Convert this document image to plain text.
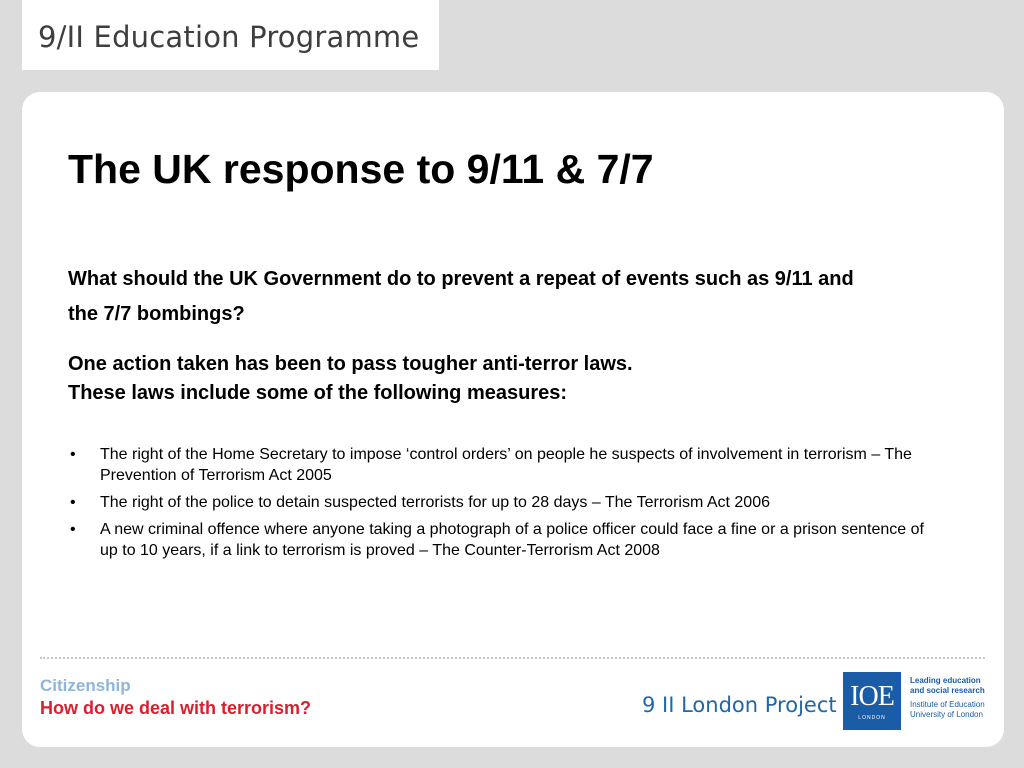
9/II Education Programme
The UK response to 9/11 & 7/7
What should the UK Government do to prevent a repeat of events such as 9/11 and the 7/7 bombings?
One action taken has been to pass tougher anti-terror laws.
These laws include some of the following measures:
• The right of the Home Secretary to impose ‘control orders’ on people he suspects of involvement in terrorism – The Prevention of Terrorism Act 2005
• The right of the police to detain suspected terrorists for up to 28 days – The Terrorism Act 2006
• A new criminal offence where anyone taking a photograph of a police officer could face a fine or a prison sentence of up to 10 years, if a link to terrorism is proved – The Counter-Terrorism Act 2008
Citizenship
How do we deal with terrorism?	9 II London Project IOE
LONDON
Leading education
and social research
Institute of Education
University of London
